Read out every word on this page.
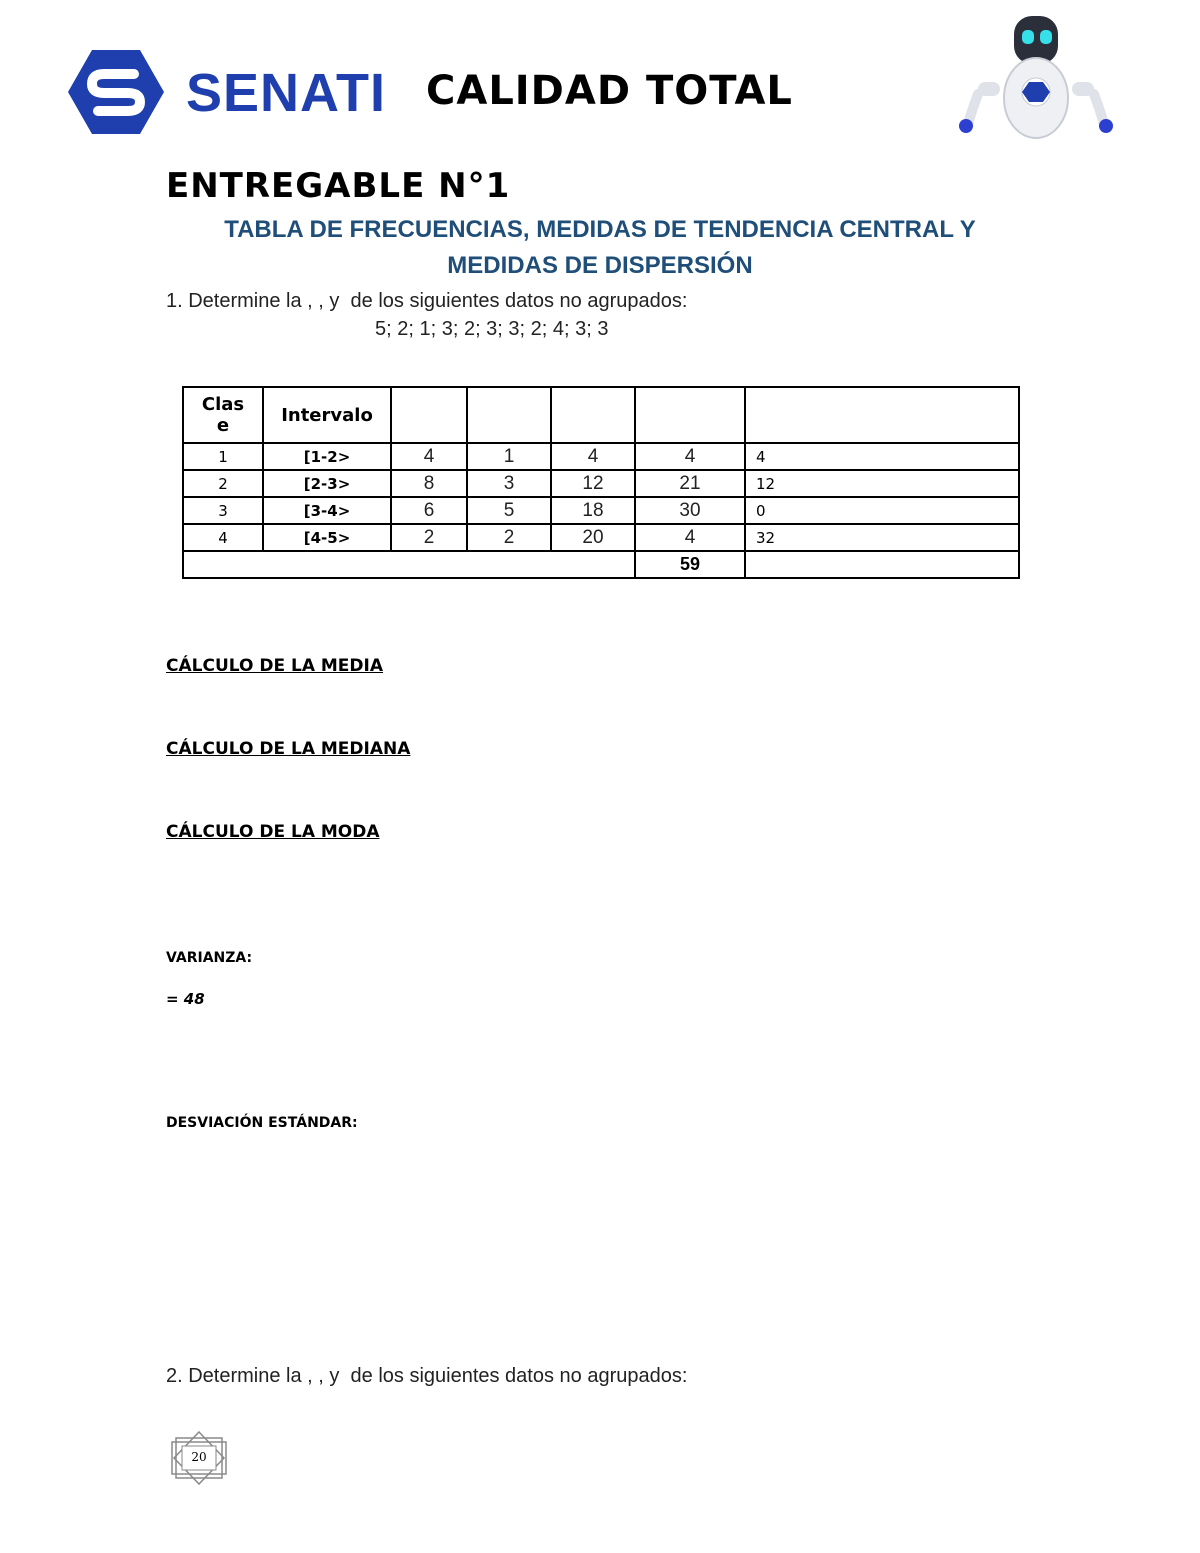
SENATI CALIDAD TOTAL
ENTREGABLE N°1
TABLA DE FRECUENCIAS, MEDIDAS DE TENDENCIA CENTRAL Y
MEDIDAS DE DISPERSIÓN
1. Determine la , , y  de los siguientes datos no agrupados:
5; 2; 1; 3; 2; 3; 3; 2; 4; 3; 3
Clas
e	Intervalo					
1	[1-2>	4	1	4	4	4
2	[2-3>	8	3	12	21	12
3	[3-4>	6	5	18	30	0
4	[4-5>	2	2	20	4	32
					59	
CÁLCULO DE LA MEDIA
CÁLCULO DE LA MEDIANA
CÁLCULO DE LA MODA
VARIANZA:
= 48
DESVIACIÓN ESTÁNDAR:
2. Determine la , , y  de los siguientes datos no agrupados:
20
